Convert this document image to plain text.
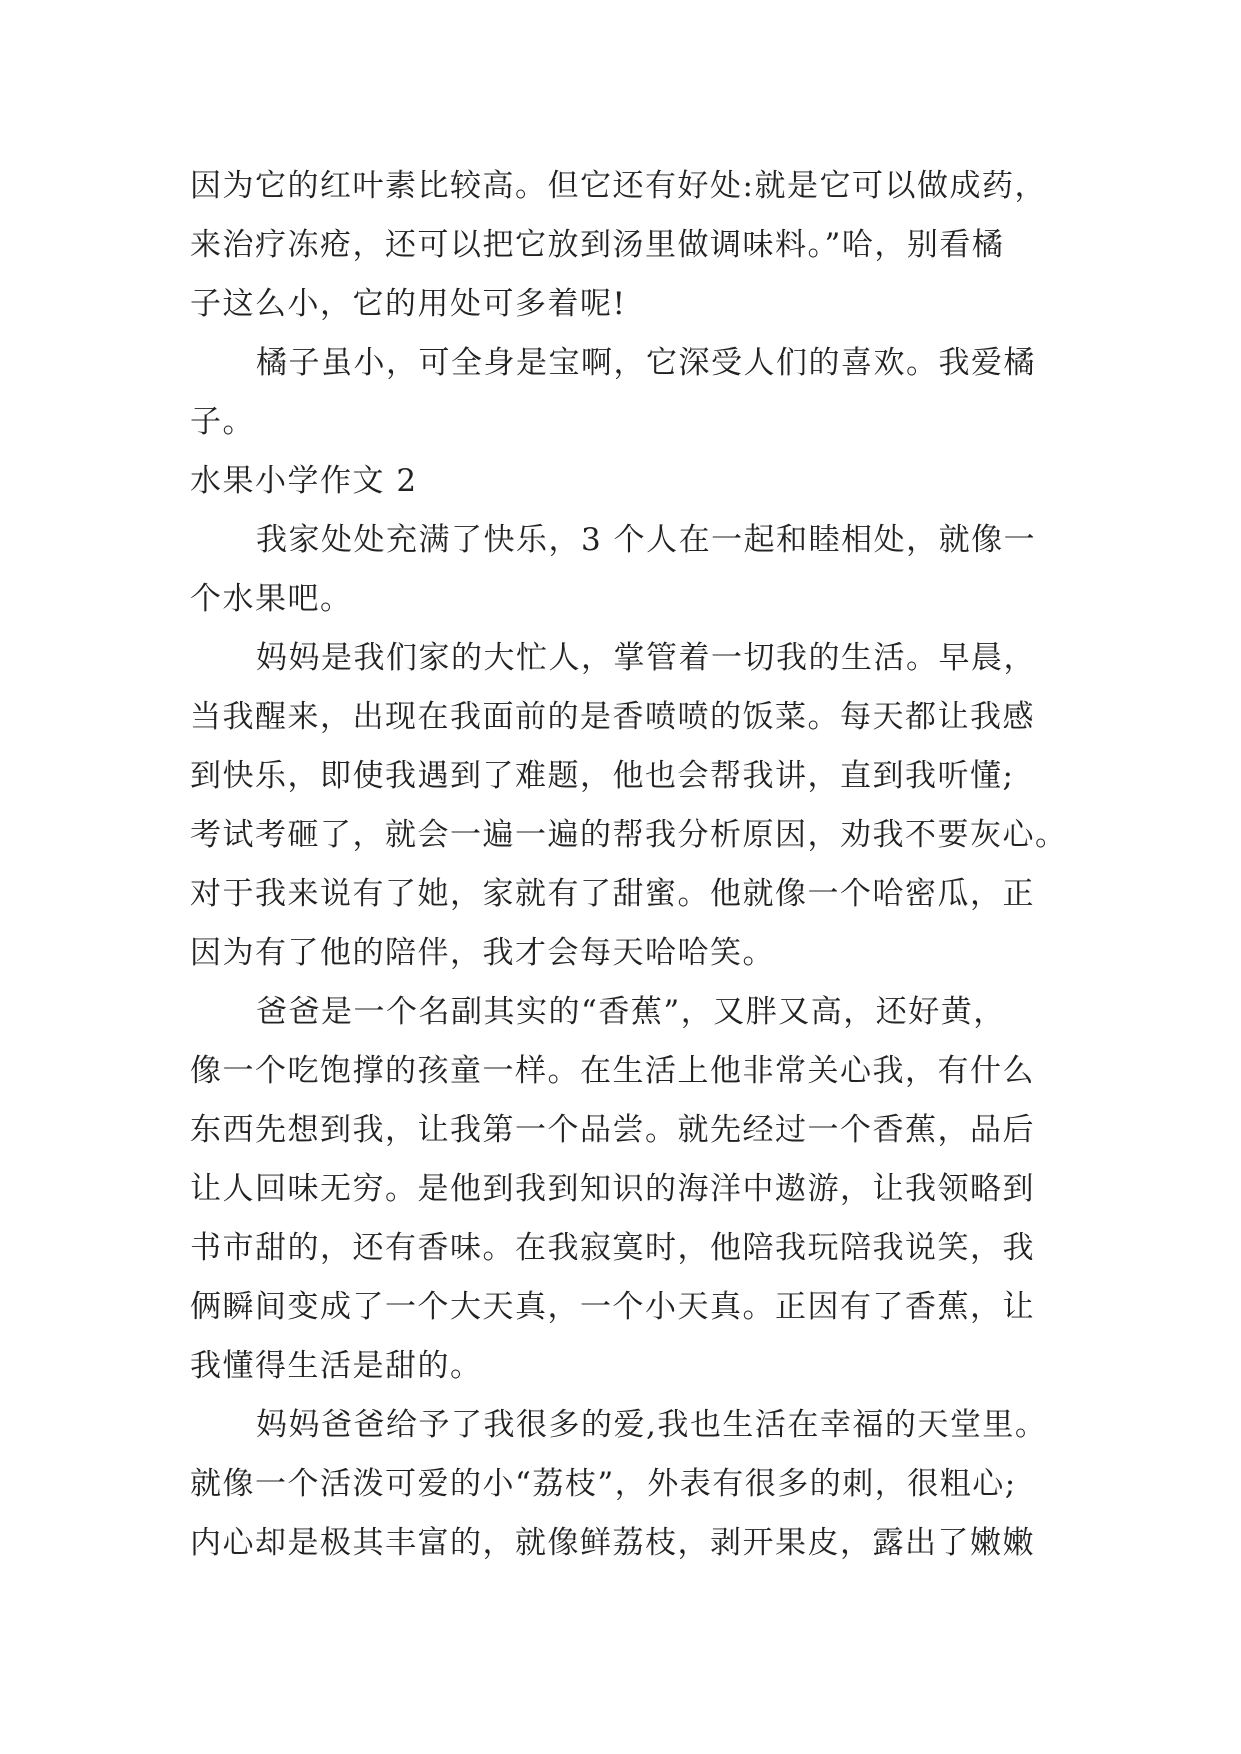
因为它的红叶素比较高。但它还有好处:就是它可以做成药，
来治疗冻疮，还可以把它放到汤里做调味料。”哈，别看橘
子这么小，它的用处可多着呢!
橘子虽小，可全身是宝啊，它深受人们的喜欢。我爱橘
子。
水果小学作文 2
我家处处充满了快乐，3 个人在一起和睦相处，就像一
个水果吧。
妈妈是我们家的大忙人，掌管着一切我的生活。早晨，
当我醒来，出现在我面前的是香喷喷的饭菜。每天都让我感
到快乐，即使我遇到了难题，他也会帮我讲，直到我听懂;
考试考砸了，就会一遍一遍的帮我分析原因，劝我不要灰心。
对于我来说有了她，家就有了甜蜜。他就像一个哈密瓜，正
因为有了他的陪伴，我才会每天哈哈笑。
爸爸是一个名副其实的“香蕉”，又胖又高，还好黄，
像一个吃饱撑的孩童一样。在生活上他非常关心我，有什么
东西先想到我，让我第一个品尝。就先经过一个香蕉，品后
让人回味无穷。是他到我到知识的海洋中遨游，让我领略到
书市甜的，还有香味。在我寂寞时，他陪我玩陪我说笑，我
俩瞬间变成了一个大天真，一个小天真。正因有了香蕉，让
我懂得生活是甜的。
妈妈爸爸给予了我很多的爱,我也生活在幸福的天堂里。
就像一个活泼可爱的小“荔枝”，外表有很多的刺，很粗心;
内心却是极其丰富的，就像鲜荔枝，剥开果皮，露出了嫩嫩
